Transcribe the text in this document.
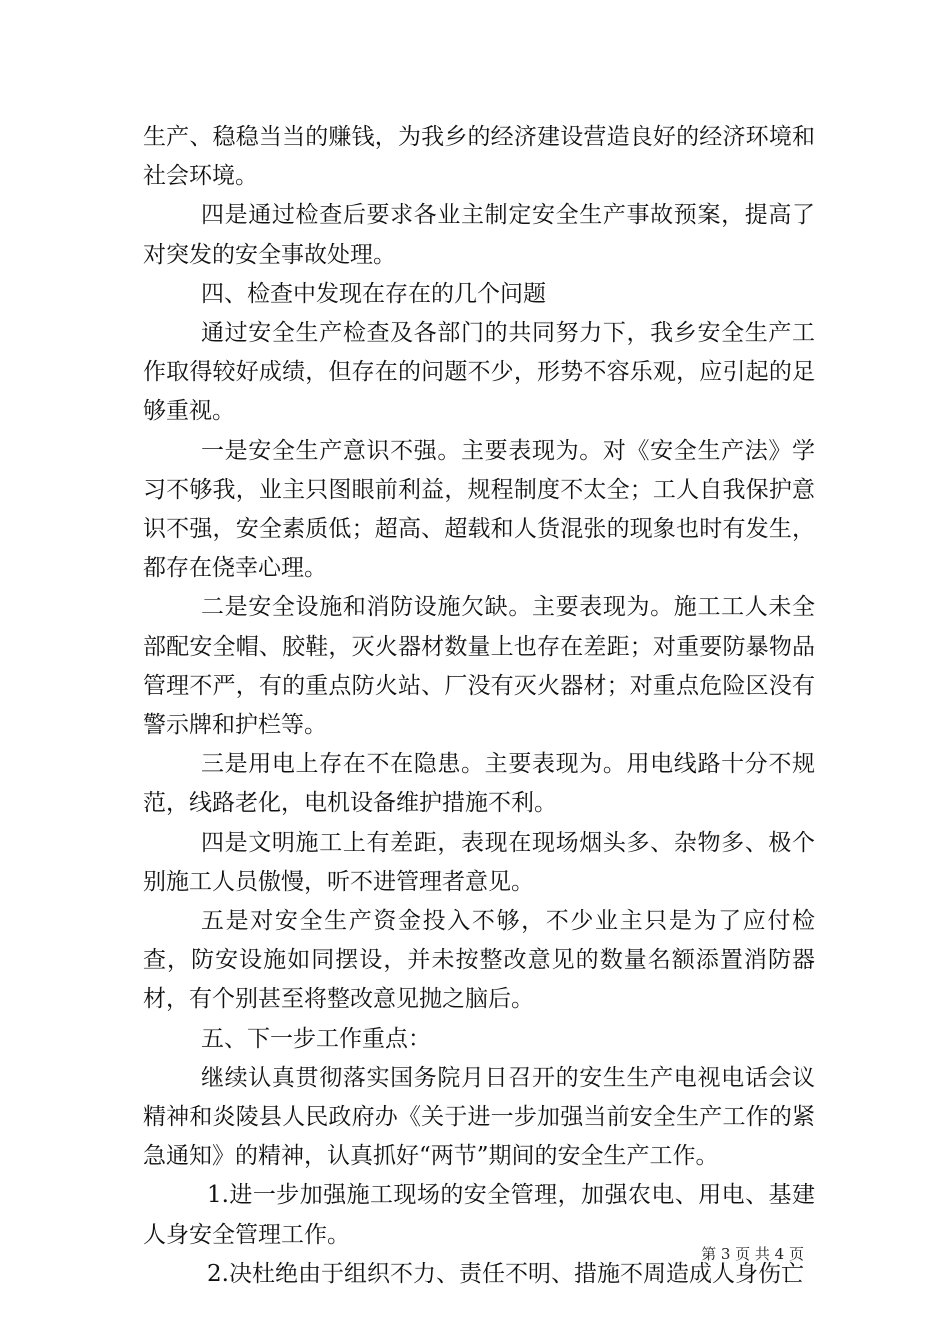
生产、稳稳当当的赚钱，为我乡的经济建设营造良好的经济环境和社会环境。

四是通过检查后要求各业主制定安全生产事故预案，提高了对突发的安全事故处理。

四、检查中发现在存在的几个问题

通过安全生产检查及各部门的共同努力下，我乡安全生产工作取得较好成绩，但存在的问题不少，形势不容乐观，应引起的足够重视。

一是安全生产意识不强。主要表现为。对《安全生产法》学习不够我，业主只图眼前利益，规程制度不太全；工人自我保护意识不强，安全素质低；超高、超载和人货混张的现象也时有发生，都存在侥幸心理。

二是安全设施和消防设施欠缺。主要表现为。施工工人未全部配安全帽、胶鞋，灭火器材数量上也存在差距；对重要防暴物品管理不严，有的重点防火站、厂没有灭火器材；对重点危险区没有警示牌和护栏等。

三是用电上存在不在隐患。主要表现为。用电线路十分不规范，线路老化，电机设备维护措施不利。

四是文明施工上有差距，表现在现场烟头多、杂物多、极个别施工人员傲慢，听不进管理者意见。

五是对安全生产资金投入不够，不少业主只是为了应付检查，防安设施如同摆设，并未按整改意见的数量名额添置消防器材，有个别甚至将整改意见抛之脑后。

五、下一步工作重点：

继续认真贯彻落实国务院月日召开的安生生产电视电话会议精神和炎陵县人民政府办《关于进一步加强当前安全生产工作的紧急通知》的精神，认真抓好“两节”期间的安全生产工作。

1.进一步加强施工现场的安全管理，加强农电、用电、基建人身安全管理工作。

2.决杜绝由于组织不力、责任不明、措施不周造成人身伤亡

第 3 页 共 4 页
